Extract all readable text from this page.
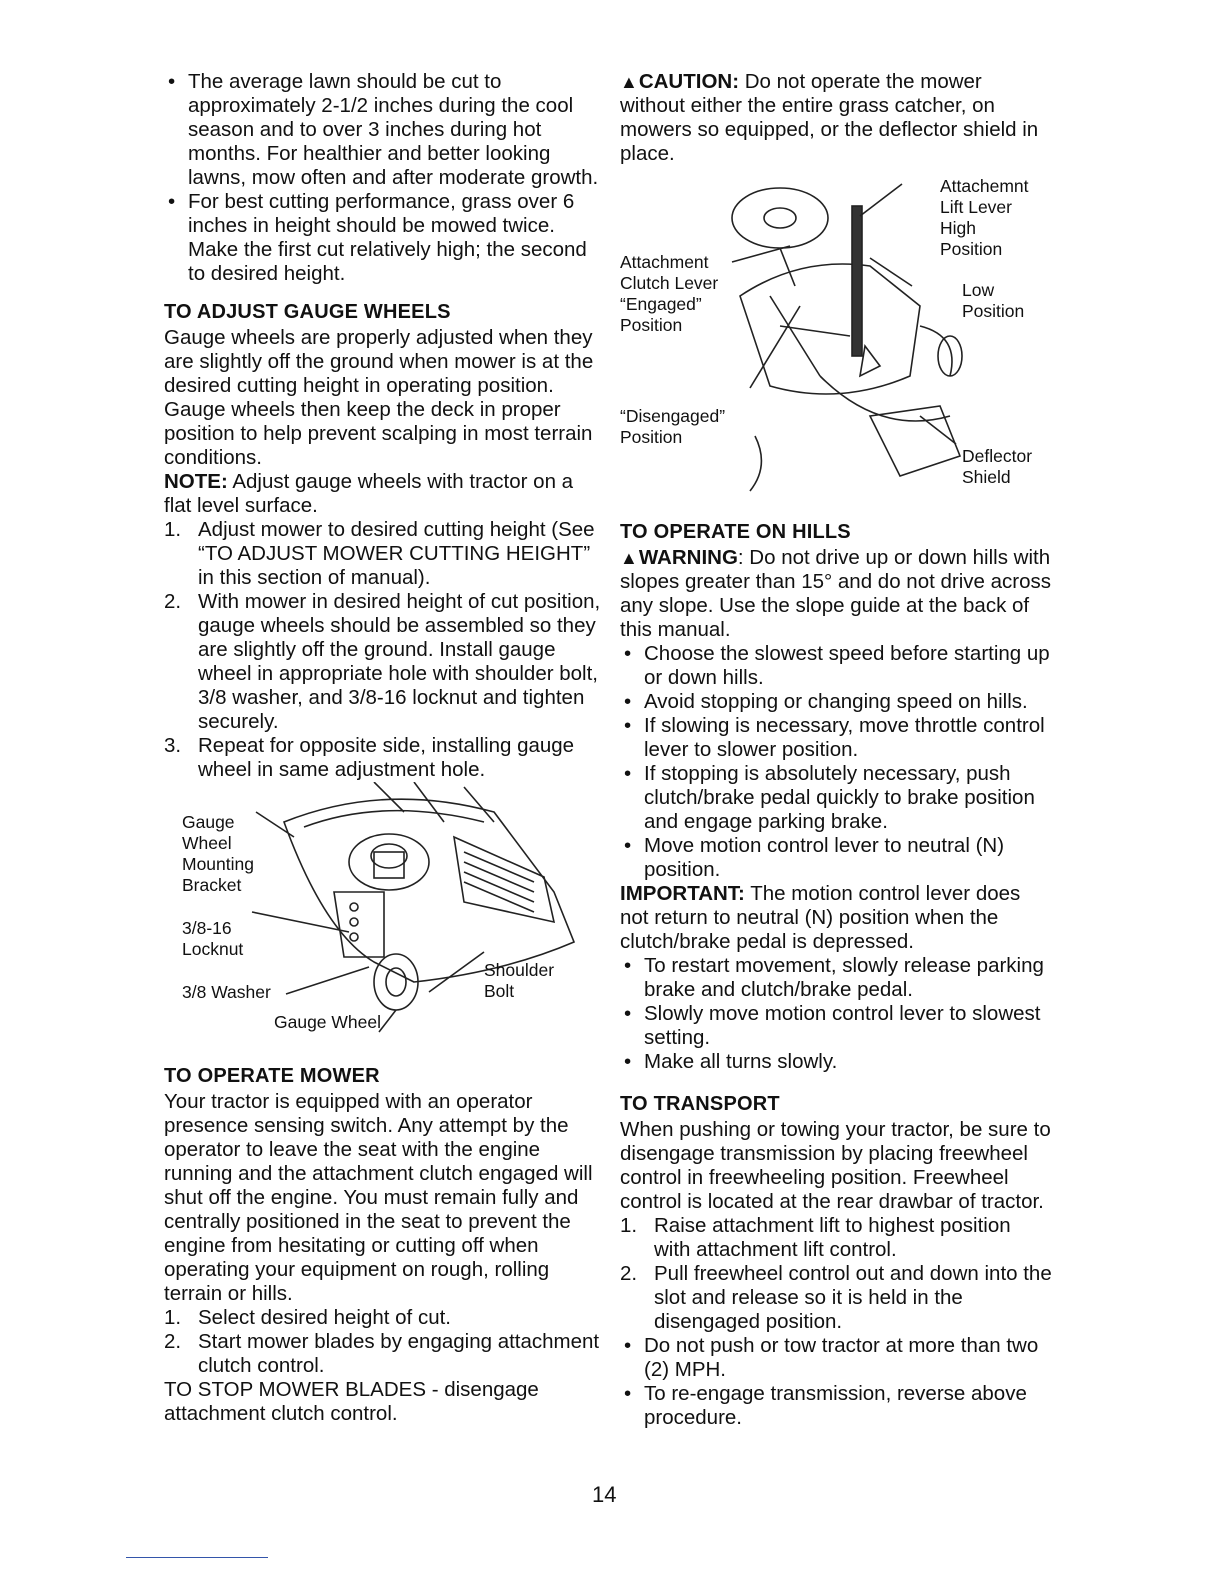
• The average lawn should be cut to approximately 2-1/2 inches during the cool season and to over 3 inches during hot months. For healthier and better looking lawns, mow often and after moderate growth.
• For best cutting performance, grass over 6 inches in height should be mowed twice. Make the first cut relatively high; the second to desired height.

TO ADJUST GAUGE WHEELS

Gauge wheels are properly adjusted when they are slightly off the ground when mower is at the desired cutting height in operating position. Gauge wheels then keep the deck in proper position to help prevent scalping in most terrain conditions.

NOTE: Adjust gauge wheels with tractor on a flat level surface.

1. Adjust mower to desired cutting height (See “TO ADJUST MOWER CUTTING HEIGHT” in this section of manual).
2. With mower in desired height of cut position, gauge wheels should be assembled so they are slightly off the ground. Install gauge wheel in appropriate hole with shoulder bolt, 3/8 washer, and 3/8-16 locknut and tighten securely.
3. Repeat for opposite side, installing gauge wheel in same adjustment hole.
Gauge
Wheel
Mounting
Bracket
3/8-16
Locknut
3/8 Washer
Shoulder
Bolt
Gauge Wheel

TO OPERATE MOWER

Your tractor is equipped with an operator presence sensing switch. Any attempt by the operator to leave the seat with the engine running and the attachment clutch engaged will shut off the engine. You must remain fully and centrally positioned in the seat to prevent the engine from hesitating or cutting off when operating your equipment on rough, rolling terrain or hills.

1. Select desired height of cut.
2. Start mower blades by engaging attachment clutch control.

TO STOP MOWER BLADES - disengage attachment clutch control.

▲CAUTION: Do not operate the mower without either the entire grass catcher, on mowers so equipped, or the deflector shield in place.

Attachemnt
Lift Lever
High
Position
Low
Position
Attachment
Clutch Lever
“Engaged”
Position
“Disengaged”
Position
Deflector
Shield

TO OPERATE ON HILLS

▲WARNING: Do not drive up or down hills with slopes greater than 15° and do not drive across any slope. Use the slope guide at the back of this manual.

• Choose the slowest speed before starting up or down hills.
• Avoid stopping or changing speed on hills.
• If slowing is necessary, move throttle control lever to slower position.
• If stopping is absolutely necessary, push clutch/brake pedal quickly to brake position and engage parking brake.
• Move motion control lever to neutral (N) position.

IMPORTANT: The motion control lever does not return to neutral (N) position when the clutch/brake pedal is depressed.

• To restart movement, slowly release parking brake and clutch/brake pedal.
• Slowly move motion control lever to slowest setting.
• Make all turns slowly.

TO TRANSPORT

When pushing or towing your tractor, be sure to disengage transmission by placing freewheel control in freewheeling position. Freewheel control is located at the rear drawbar of tractor.

1. Raise attachment lift to highest position with attachment lift control.
2. Pull freewheel control out and down into the slot and release so it is held in the disengaged position.
• Do not push or tow tractor at more than two (2) MPH.
• To re-engage transmission, reverse above procedure.
14
